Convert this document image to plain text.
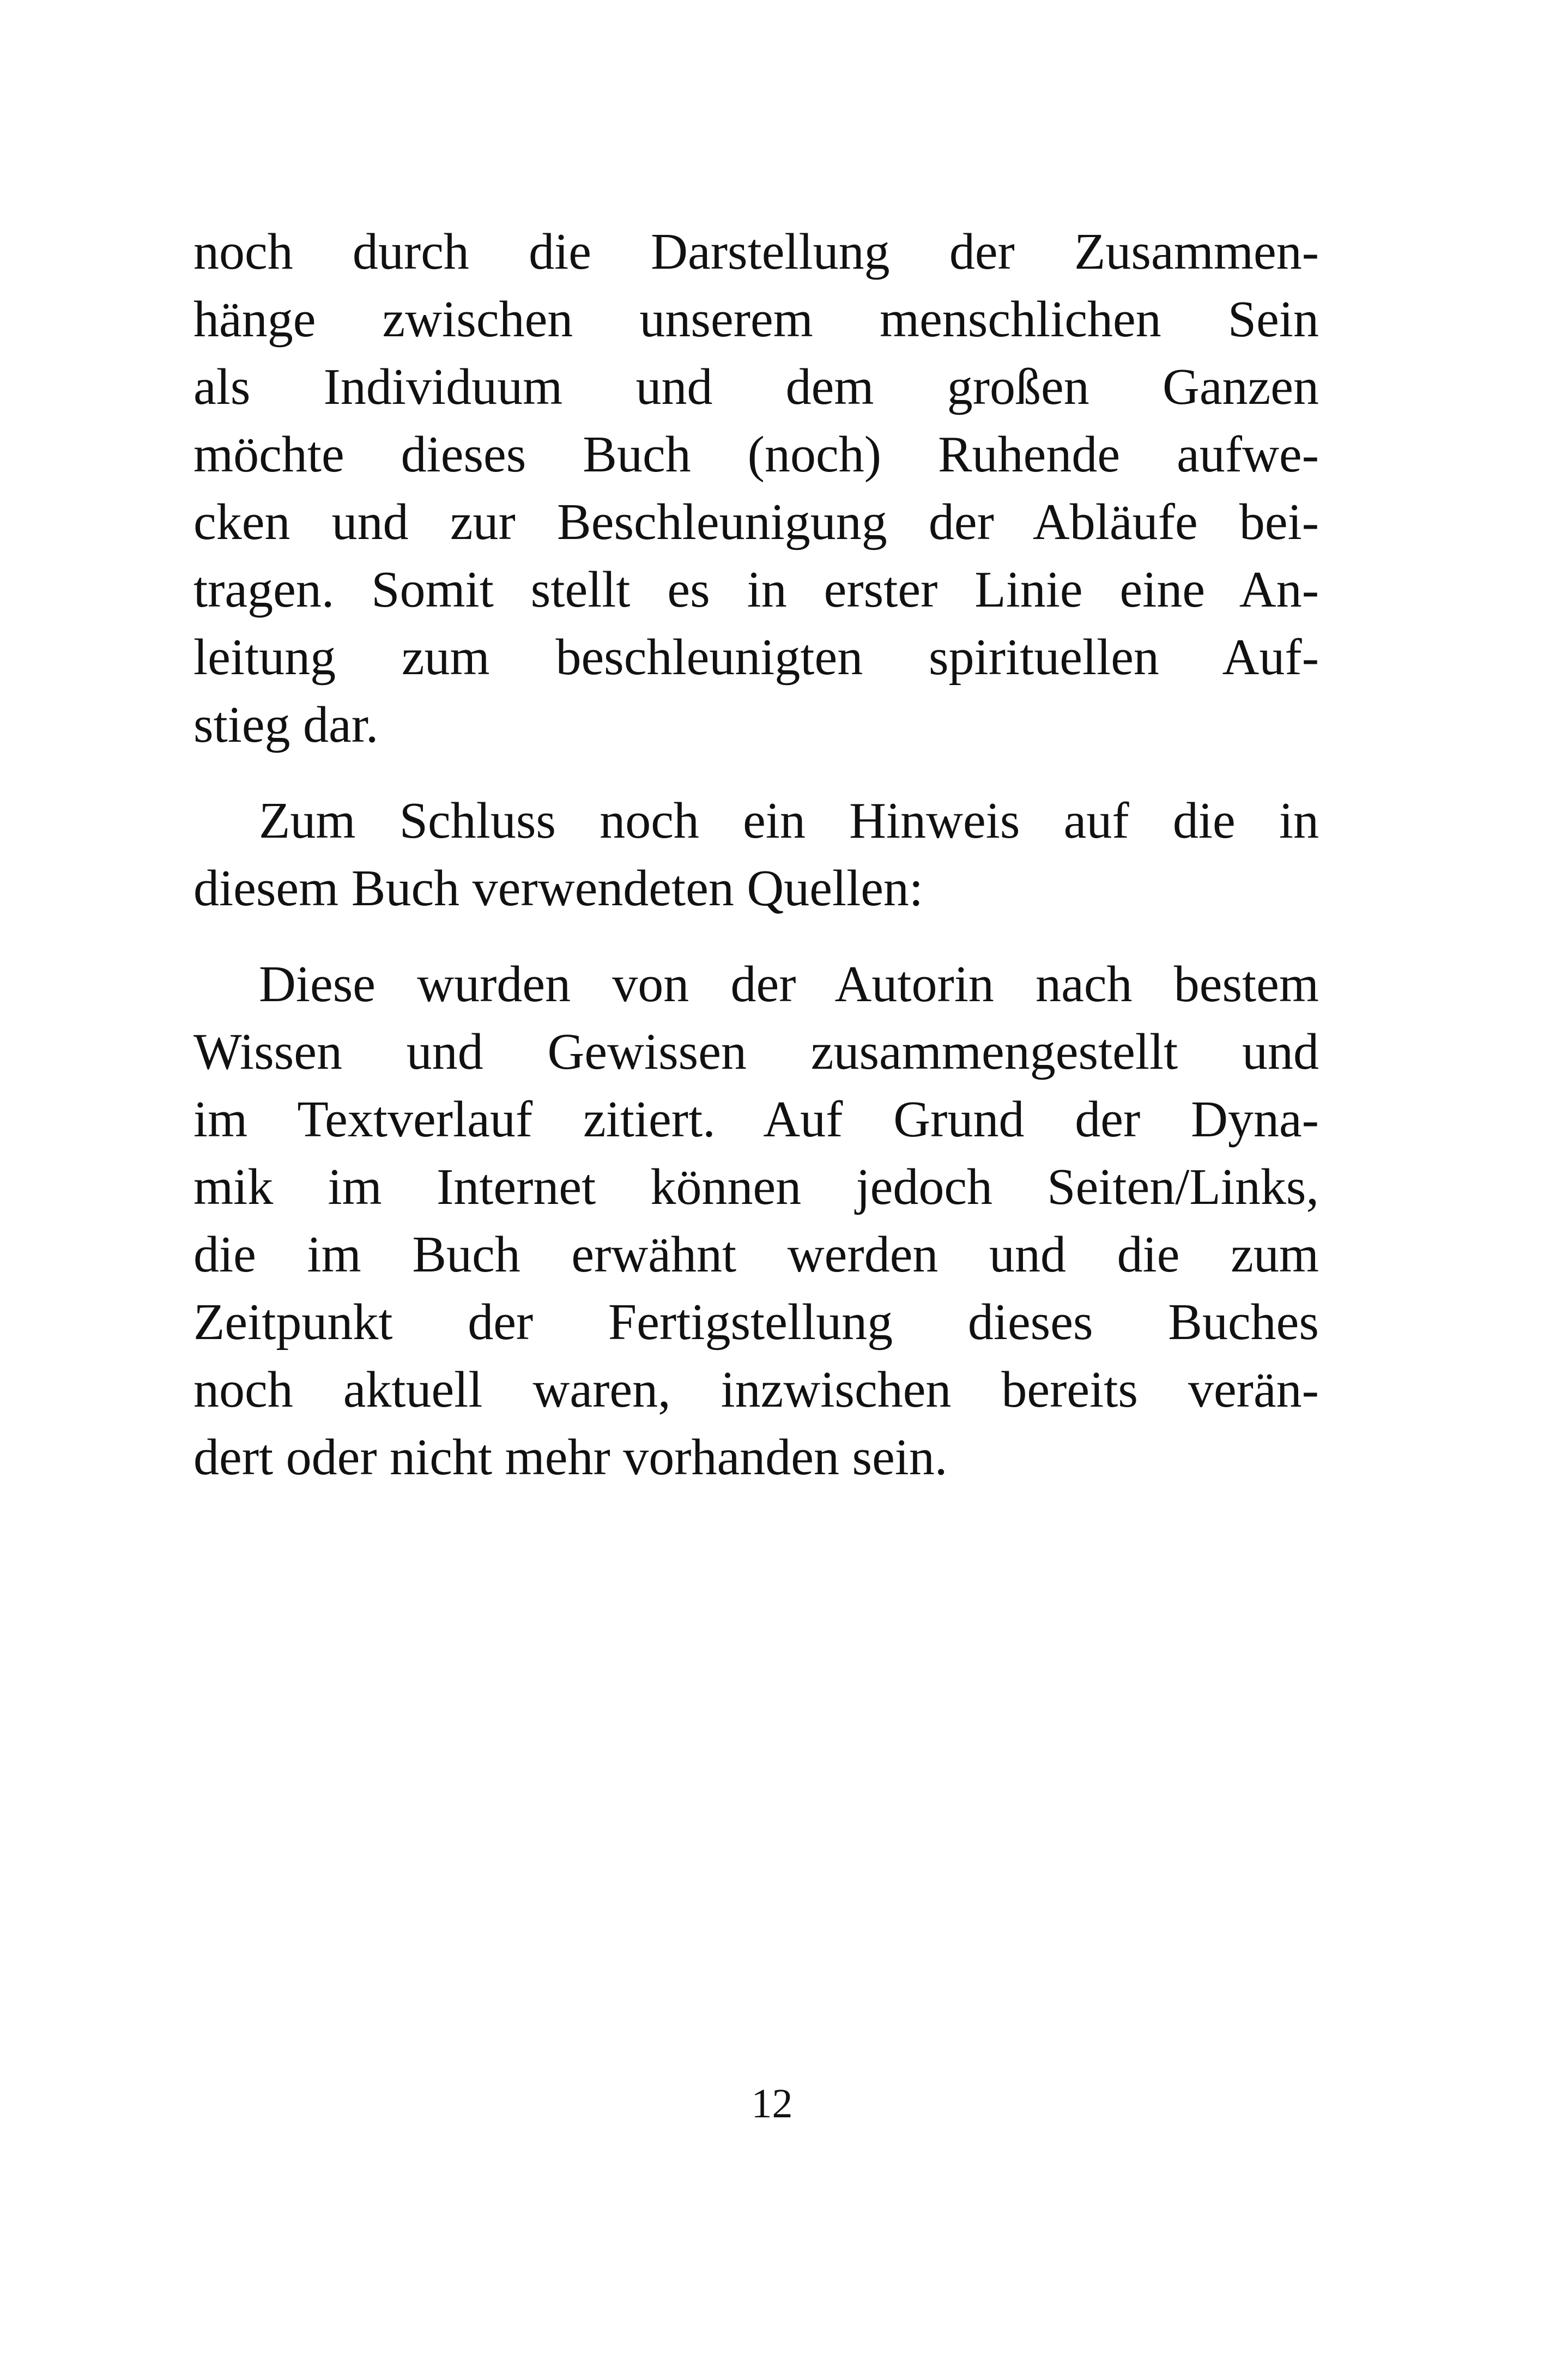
noch durch die Darstellung der Zusammen-
hänge zwischen unserem menschlichen Sein
als Individuum und dem großen Ganzen
möchte dieses Buch (noch) Ruhende aufwe-
cken und zur Beschleunigung der Abläufe bei-
tragen. Somit stellt es in erster Linie eine An-
leitung zum beschleunigten spirituellen Auf-
stieg dar.

Zum Schluss noch ein Hinweis auf die in
diesem Buch verwendeten Quellen:

Diese wurden von der Autorin nach bestem
Wissen und Gewissen zusammengestellt und
im Textverlauf zitiert. Auf Grund der Dyna-
mik im Internet können jedoch Seiten/Links,
die im Buch erwähnt werden und die zum
Zeitpunkt der Fertigstellung dieses Buches
noch aktuell waren, inzwischen bereits verän-
dert oder nicht mehr vorhanden sein.

12
